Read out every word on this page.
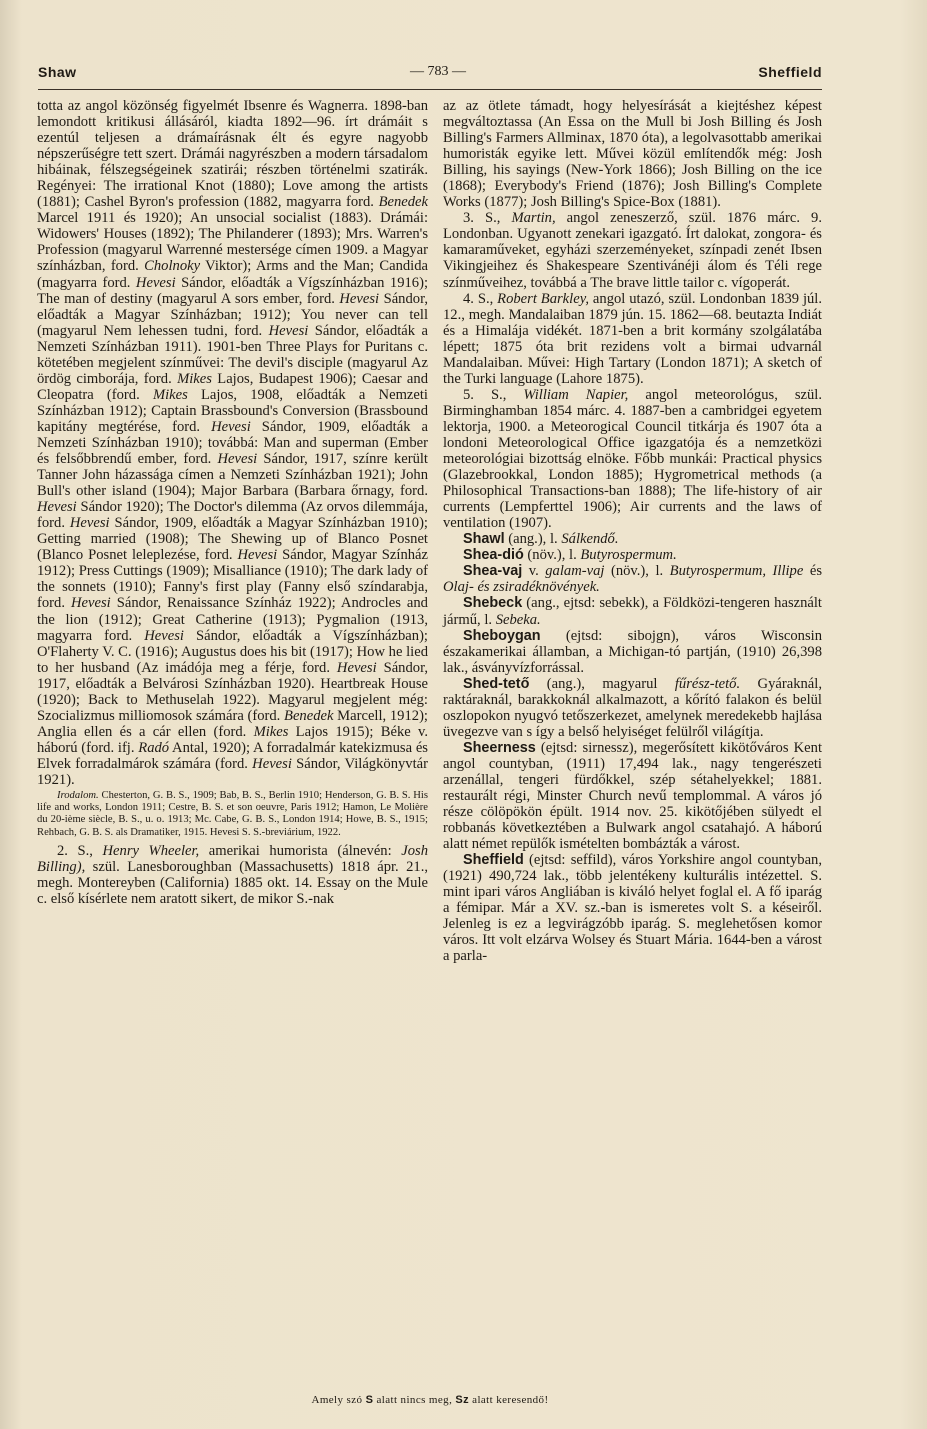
Shaw	— 783 —	Sheffield

totta az angol közönség figyelmét Ibsenre és Wagnerra. 1898-ban lemondott kritikusi állásáról, kiadta 1892—96. írt drámáit s ezentúl teljesen a drámaírásnak élt és egyre nagyobb népszerűségre tett szert. Drámái nagyrészben a modern társadalom hibáinak, félszegségeinek szatirái; részben történelmi szatirák. Regényei: The irrational Knot (1880); Love among the artists (1881); Cashel Byron's profession (1882, magyarra ford. Benedek Marcel 1911 és 1920); An unsocial socialist (1883). Drámái: Widowers' Houses (1892); The Philanderer (1893); Mrs. Warren's Profession (magyarul Warrenné mestersége címen 1909. a Magyar színházban, ford. Cholnoky Viktor); Arms and the Man; Candida (magyarra ford. Hevesi Sándor, előadták a Vígszínházban 1916); The man of destiny (magyarul A sors ember, ford. Hevesi Sándor, előadták a Magyar Színházban; 1912); You never can tell (magyarul Nem lehessen tudni, ford. Hevesi Sándor, előadták a Nemzeti Színházban 1911). 1901-ben Three Plays for Puritans c. kötetében megjelent színművei: The devil's disciple (magyarul Az ördög cimborája, ford. Mikes Lajos, Budapest 1906); Caesar and Cleopatra (ford. Mikes Lajos, 1908, előadták a Nemzeti Színházban 1912); Captain Brassbound's Conversion (Brassbound kapitány megtérése, ford. Hevesi Sándor, 1909, előadták a Nemzeti Színházban 1910); továbbá: Man and superman (Ember és felsőbbrendű ember, ford. Hevesi Sándor, 1917, színre került Tanner John házassága címen a Nemzeti Színházban 1921); John Bull's other island (1904); Major Barbara (Barbara őrnagy, ford. Hevesi Sándor 1920); The Doctor's dilemma (Az orvos dilemmája, ford. Hevesi Sándor, 1909, előadták a Magyar Színházban 1910); Getting married (1908); The Shewing up of Blanco Posnet (Blanco Posnet leleplezése, ford. Hevesi Sándor, Magyar Színház 1912); Press Cuttings (1909); Misalliance (1910); The dark lady of the sonnets (1910); Fanny's first play (Fanny első színdarabja, ford. Hevesi Sándor, Renaissance Színház 1922); Androcles and the lion (1912); Great Catherine (1913); Pygmalion (1913, magyarra ford. Hevesi Sándor, előadták a Vígszínházban); O'Flaherty V. C. (1916); Augustus does his bit (1917); How he lied to her husband (Az imádója meg a férje, ford. Hevesi Sándor, 1917, előadták a Belvárosi Színházban 1920). Heartbreak House (1920); Back to Methuselah 1922). Magyarul megjelent még: Szocializmus milliomosok számára (ford. Benedek Marcell, 1912); Anglia ellen és a cár ellen (ford. Mikes Lajos 1915); Béke v. háború (ford. ifj. Radó Antal, 1920); A forradalmár katekizmusa és Elvek forradalmárok számára (ford. Hevesi Sándor, Világkönyvtár 1921).

Irodalom. Chesterton, G. B. S., 1909; Bab, B. S., Berlin 1910; Henderson, G. B. S. His life and works, London 1911; Cestre, B. S. et son oeuvre, Paris 1912; Hamon, Le Molière du 20-ième siècle, B. S., u. o. 1913; Mc. Cabe, G. B. S., London 1914; Howe, B. S., 1915; Rehbach, G. B. S. als Dramatiker, 1915. Hevesi S. S.-breviárium, 1922.

2. S., Henry Wheeler, amerikai humorista (álnevén: Josh Billing), szül. Lanesboroughban (Massachusetts) 1818 ápr. 21., megh. Montereyben (California) 1885 okt. 14. Essay on the Mule c. első kísérlete nem aratott sikert, de mikor S.-nak

az az ötlete támadt, hogy helyesírását a kiejtéshez képest megváltoztassa (An Essa on the Mull bi Josh Billing és Josh Billing's Farmers Allminax, 1870 óta), a legolvasottabb amerikai humoristák egyike lett. Művei közül említendők még: Josh Billing, his sayings (New-York 1866); Josh Billing on the ice (1868); Everybody's Friend (1876); Josh Billing's Complete Works (1877); Josh Billing's Spice-Box (1881).

3. S., Martin, angol zeneszerző, szül. 1876 márc. 9. Londonban. Ugyanott zenekari igazgató. Írt dalokat, zongora- és kamaraműveket, egyházi szerzeményeket, színpadi zenét Ibsen Vikingjeihez és Shakespeare Szentivánéji álom és Téli rege színműveihez, továbbá a The brave little tailor c. vígoperát.

4. S., Robert Barkley, angol utazó, szül. Londonban 1839 júl. 12., megh. Mandalaiban 1879 jún. 15. 1862—68. beutazta Indiát és a Himalája vidékét. 1871-ben a brit kormány szolgálatába lépett; 1875 óta brit rezidens volt a birmai udvarnál Mandalaiban. Művei: High Tartary (London 1871); A sketch of the Turki language (Lahore 1875).

5. S., William Napier, angol meteorológus, szül. Birminghamban 1854 márc. 4. 1887-ben a cambridgei egyetem lektorja, 1900. a Meteorogical Council titkárja és 1907 óta a londoni Meteorological Office igazgatója és a nemzetközi meteorológiai bizottság elnöke. Főbb munkái: Practical physics (Glazebrookkal, London 1885); Hygrometrical methods (a Philosophical Transactions-ban 1888); The life-history of air currents (Lempferttel 1906); Air currents and the laws of ventilation (1907).

Shawl (ang.), l. Sálkendő.

Shea-dió (növ.), l. Butyrospermum.

Shea-vaj v. galam-vaj (növ.), l. Butyrospermum, Illipe és Olaj- és zsiradéknövények.

Shebeck (ang., ejtsd: sebekk), a Földközi-tengeren használt jármű, l. Sebeka.

Sheboygan (ejtsd: sibojgn), város Wisconsin északamerikai államban, a Michigan-tó partján, (1910) 26,398 lak., ásványvízforrással.

Shed-tető (ang.), magyarul fűrész-tető. Gyáraknál, raktáraknál, barakkoknál alkalmazott, a kőrító falakon és belül oszlopokon nyugvó tetőszerkezet, amelynek meredekebb hajlása üvegezve van s így a belső helyiséget felülről világítja.

Sheerness (ejtsd: sirnessz), megerősített kikötőváros Kent angol countyban, (1911) 17,494 lak., nagy tengerészeti arzenállal, tengeri fürdőkkel, szép sétahelyekkel; 1881. restaurált régi, Minster Church nevű templommal. A város jó része cölöpökön épült. 1914 nov. 25. kikötőjében sülyedt el robbanás következtében a Bulwark angol csatahajó. A háború alatt német repülők ismételten bombázták a várost.

Sheffield (ejtsd: seffild), város Yorkshire angol countyban, (1921) 490,724 lak., több jelentékeny kulturális intézettel. S. mint ipari város Angliában is kiváló helyet foglal el. A fő iparág a fémipar. Már a XV. sz.-ban is ismeretes volt S. a késeiről. Jelenleg is ez a legvirágzóbb iparág. S. meglehetősen komor város. Itt volt elzárva Wolsey és Stuart Mária. 1644-ben a várost a parla-

Amely szó S alatt nincs meg, Sz alatt keresendő!
